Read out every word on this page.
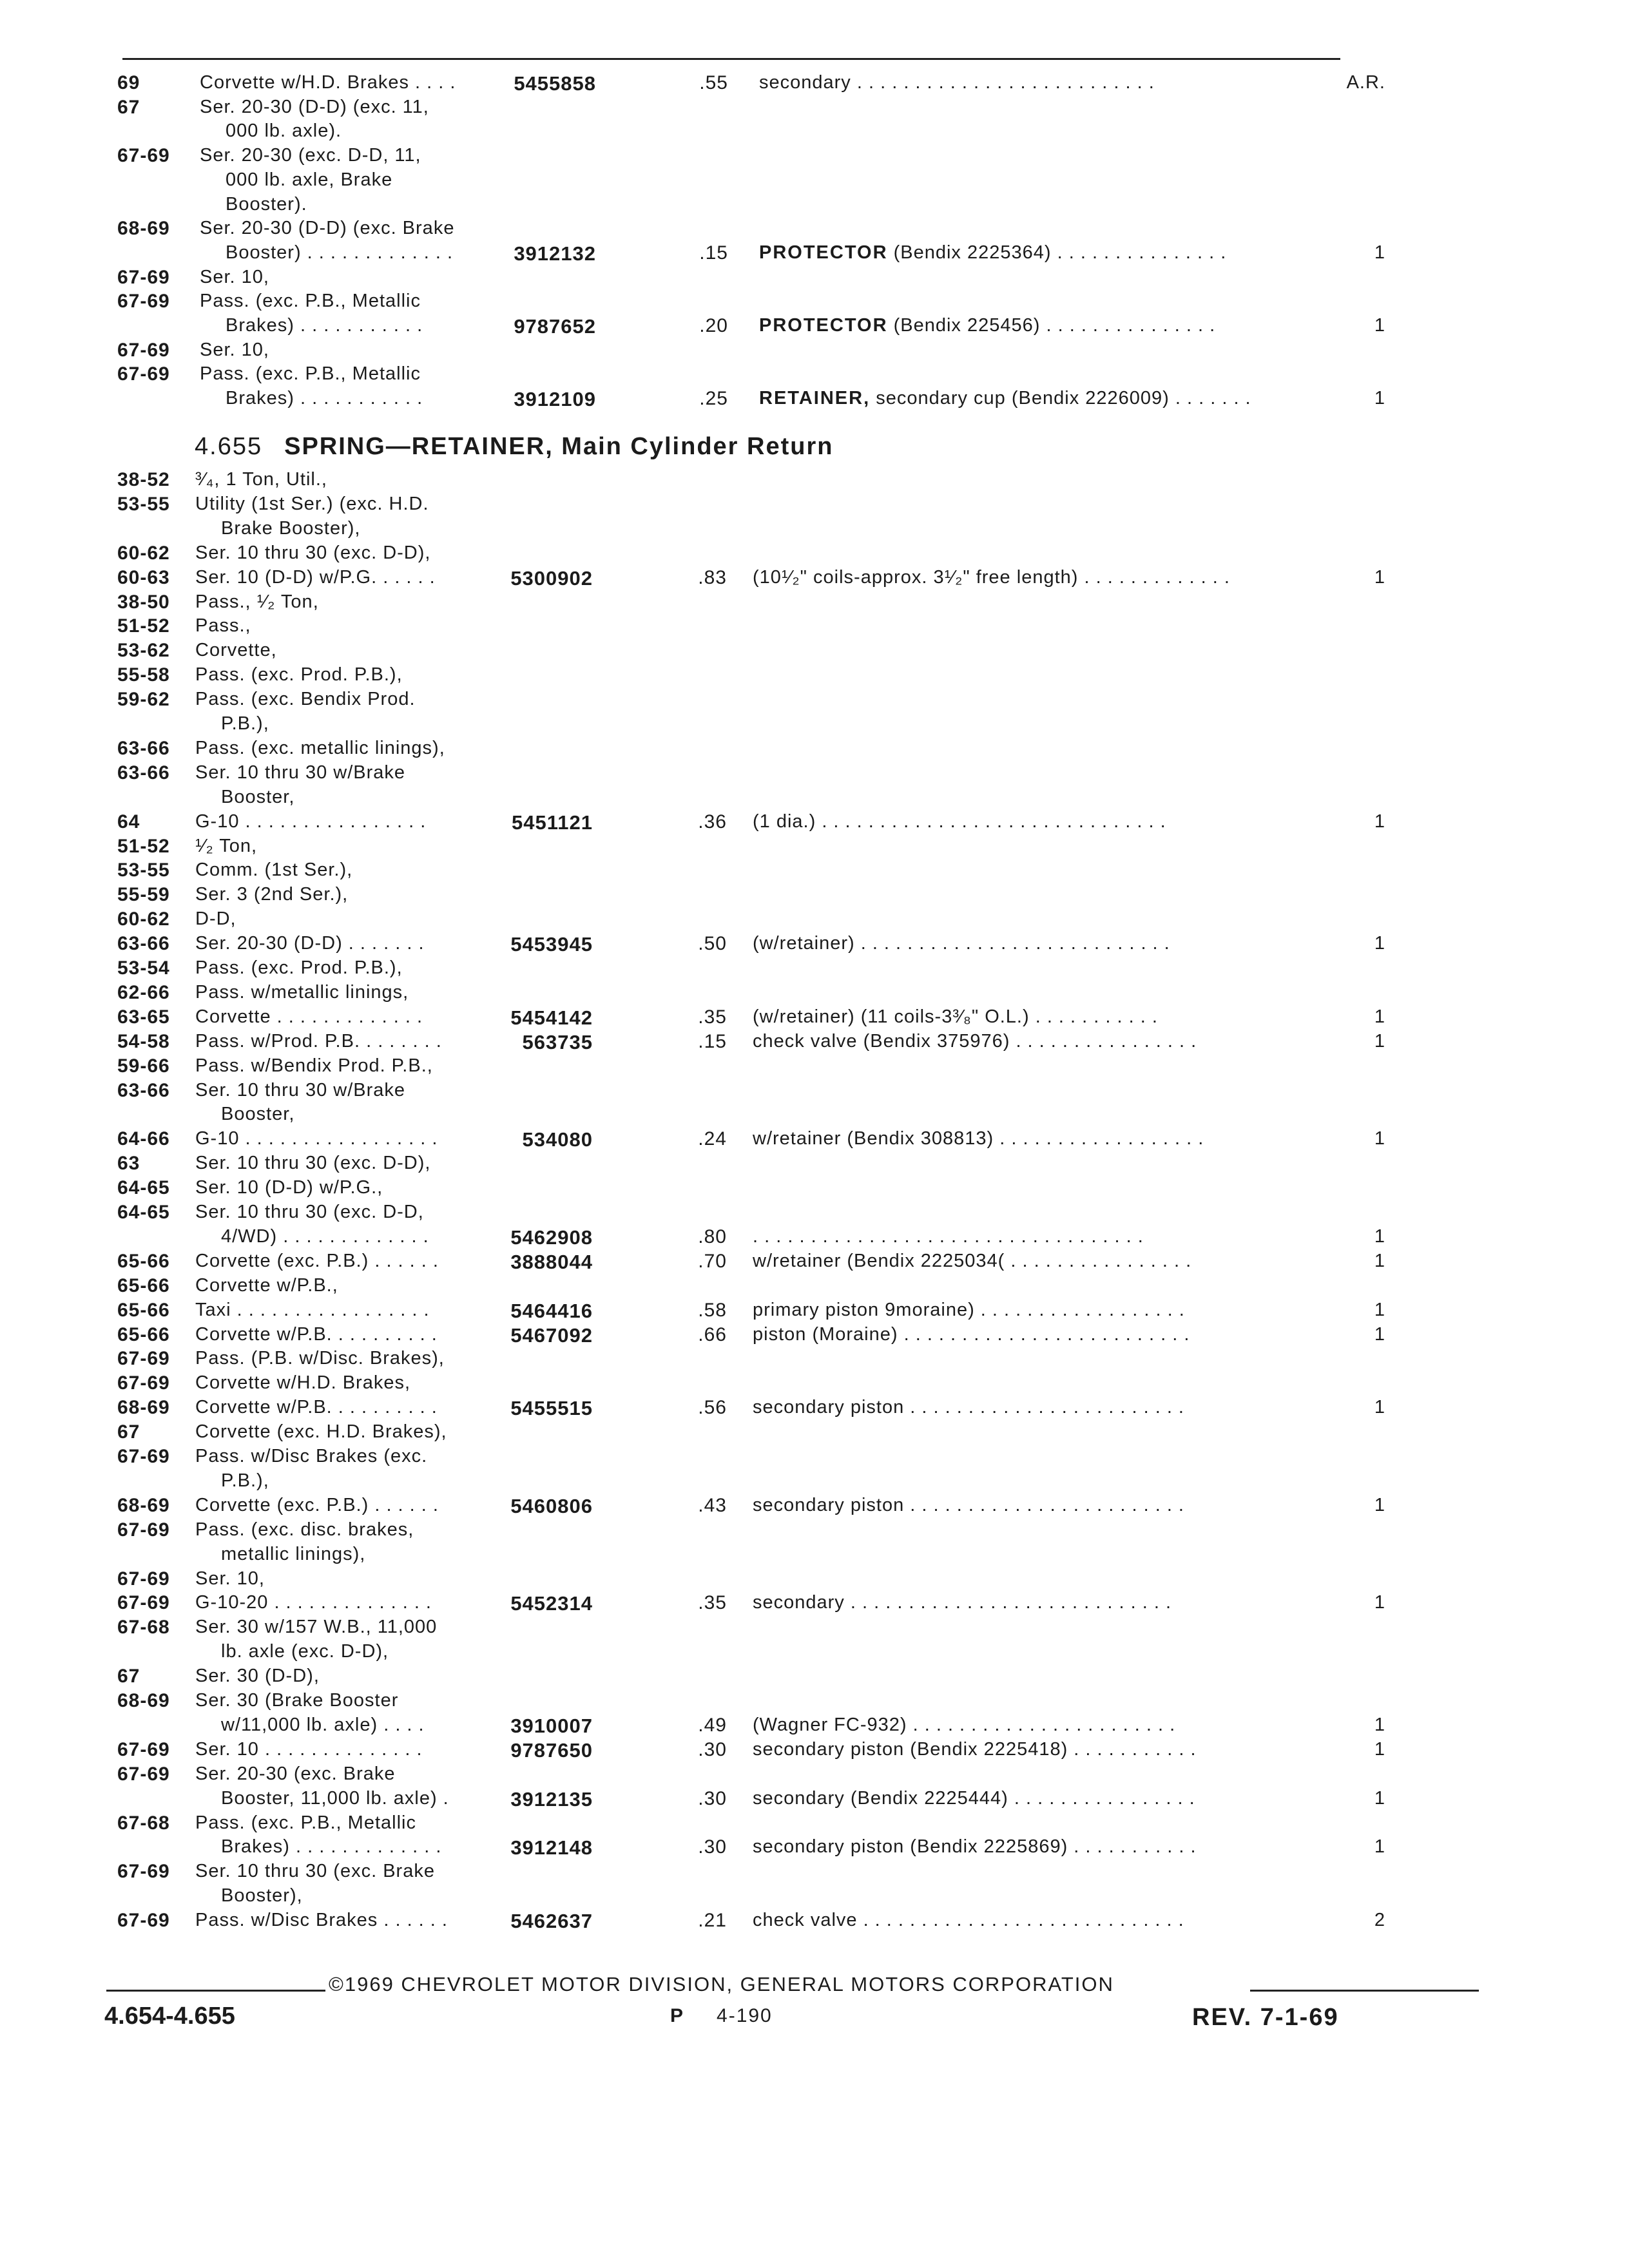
69	Corvette w/H.D. Brakes . . . .	5455858	.55 secondary . . . . . . . . . . . . . . . . . . . . . . . . . .	A.R.
67	Ser. 20-30 (D-D) (exc. 11,
000 lb. axle).
67-69	Ser. 20-30 (exc. D-D, 11,
000 lb. axle, Brake
Booster).
68-69	Ser. 20-30 (D-D) (exc. Brake
Booster) . . . . . . . . . . . . .	3912132	.15 PROTECTOR (Bendix 2225364) . . . . . . . . . . . . . . .	1
67-69	Ser. 10,
67-69	Pass. (exc. P.B., Metallic
Brakes) . . . . . . . . . . .	9787652	.20 PROTECTOR (Bendix 225456) . . . . . . . . . . . . . . .	1
67-69	Ser. 10,
67-69	Pass. (exc. P.B., Metallic
Brakes) . . . . . . . . . . .	3912109	.25 RETAINER, secondary cup (Bendix 2226009) . . . . . . .	1
4.655 SPRING—RETAINER, Main Cylinder Return
38-52	³⁄₄, 1 Ton, Util.,
53-55	Utility (1st Ser.) (exc. H.D.
Brake Booster),
60-62	Ser. 10 thru 30 (exc. D-D),
60-63	Ser. 10 (D-D) w/P.G. . . . . .	5300902	.83 (10¹⁄₂" coils-approx. 3¹⁄₂" free length) . . . . . . . . . . . . .	1
38-50	Pass., ¹⁄₂ Ton,
51-52	Pass.,
53-62	Corvette,
55-58	Pass. (exc. Prod. P.B.),
59-62	Pass. (exc. Bendix Prod.
P.B.),
63-66	Pass. (exc. metallic linings),
63-66	Ser. 10 thru 30 w/Brake
Booster,
64	G-10 . . . . . . . . . . . . . . . .	5451121	.36 (1 dia.) . . . . . . . . . . . . . . . . . . . . . . . . . . . . . .	1
51-52	¹⁄₂ Ton,
53-55	Comm. (1st Ser.),
55-59	Ser. 3 (2nd Ser.),
60-62	D-D,
63-66	Ser. 20-30 (D-D) . . . . . . .	5453945	.50 (w/retainer) . . . . . . . . . . . . . . . . . . . . . . . . . . .	1
53-54	Pass. (exc. Prod. P.B.),
62-66	Pass. w/metallic linings,
63-65	Corvette . . . . . . . . . . . . .	5454142	.35 (w/retainer) (11 coils-3³⁄₈" O.L.) . . . . . . . . . . .	1
54-58	Pass. w/Prod. P.B. . . . . . . .	563735	.15 check valve (Bendix 375976) . . . . . . . . . . . . . . . .	1
59-66	Pass. w/Bendix Prod. P.B.,
63-66	Ser. 10 thru 30 w/Brake
Booster,
64-66	G-10 . . . . . . . . . . . . . . . . .	534080	.24 w/retainer (Bendix 308813) . . . . . . . . . . . . . . . . . .	1
63	Ser. 10 thru 30 (exc. D-D),
64-65	Ser. 10 (D-D) w/P.G.,
64-65	Ser. 10 thru 30 (exc. D-D,
4/WD) . . . . . . . . . . . . .	5462908	.80 . . . . . . . . . . . . . . . . . . . . . . . . . . . . . . . . . .	1
65-66	Corvette (exc. P.B.) . . . . . .	3888044	.70 w/retainer (Bendix 2225034( . . . . . . . . . . . . . . . .	1
65-66	Corvette w/P.B.,
65-66	Taxi . . . . . . . . . . . . . . . . .	5464416	.58 primary piston 9moraine) . . . . . . . . . . . . . . . . . .	1
65-66	Corvette w/P.B. . . . . . . . . .	5467092	.66 piston (Moraine) . . . . . . . . . . . . . . . . . . . . . . . . .	1
67-69	Pass. (P.B. w/Disc. Brakes),
67-69	Corvette w/H.D. Brakes,
68-69	Corvette w/P.B. . . . . . . . . .	5455515	.56 secondary piston . . . . . . . . . . . . . . . . . . . . . . . .	1
67	Corvette (exc. H.D. Brakes),
67-69	Pass. w/Disc Brakes (exc.
P.B.),
68-69	Corvette (exc. P.B.) . . . . . .	5460806	.43 secondary piston . . . . . . . . . . . . . . . . . . . . . . . .	1
67-69	Pass. (exc. disc. brakes,
metallic linings),
67-69	Ser. 10,
67-69	G-10-20 . . . . . . . . . . . . . .	5452314	.35 secondary . . . . . . . . . . . . . . . . . . . . . . . . . . . .	1
67-68	Ser. 30 w/157 W.B., 11,000
lb. axle (exc. D-D),
67	Ser. 30 (D-D),
68-69	Ser. 30 (Brake Booster
w/11,000 lb. axle) . . . .	3910007	.49 (Wagner FC-932) . . . . . . . . . . . . . . . . . . . . . . .	1
67-69	Ser. 10 . . . . . . . . . . . . . .	9787650	.30 secondary piston (Bendix 2225418) . . . . . . . . . . .	1
67-69	Ser. 20-30 (exc. Brake
Booster, 11,000 lb. axle) .	3912135	.30 secondary (Bendix 2225444) . . . . . . . . . . . . . . . .	1
67-68	Pass. (exc. P.B., Metallic
Brakes) . . . . . . . . . . . . .	3912148	.30 secondary piston (Bendix 2225869) . . . . . . . . . . .	1
67-69	Ser. 10 thru 30 (exc. Brake
Booster),
67-69	Pass. w/Disc Brakes . . . . . .	5462637	.21 check valve . . . . . . . . . . . . . . . . . . . . . . . . . . . .	2
©1969 CHEVROLET MOTOR DIVISION, GENERAL MOTORS CORPORATION
4.654-4.655	P 4-190	REV. 7-1-69
